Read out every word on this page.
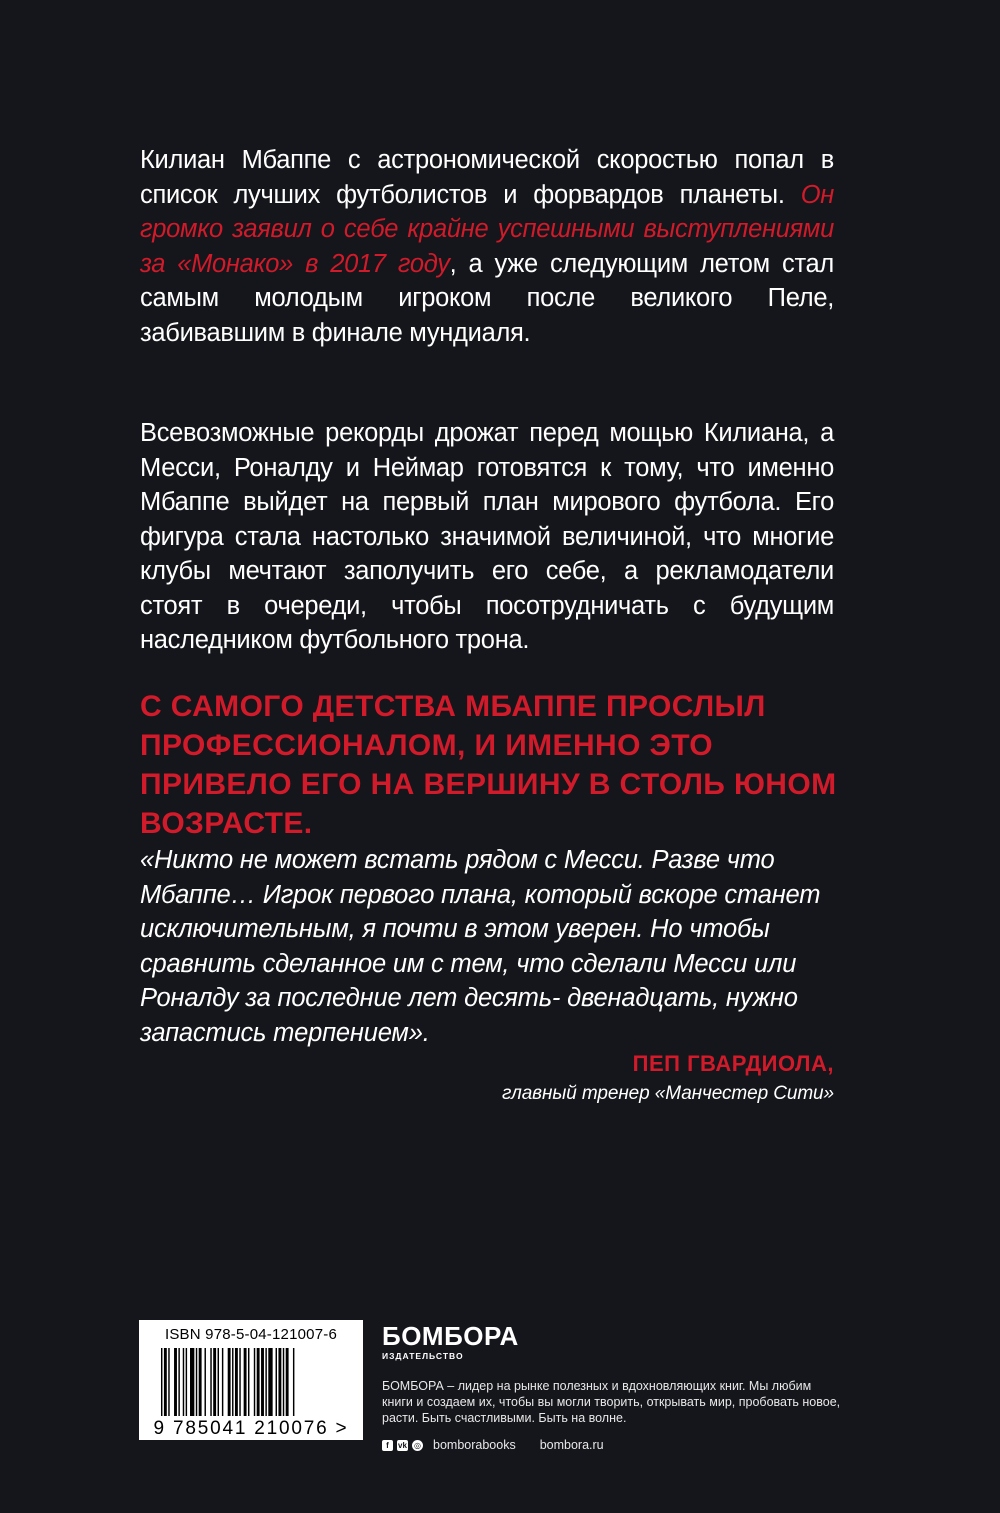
Килиан Мбаппе с астрономической скоростью попал в список лучших футболистов и форвардов планеты. Он громко заявил о себе крайне успешными выступлениями за «Монако» в 2017 году, а уже следующим летом стал самым молодым игроком после великого Пеле, забивавшим в финале мундиаля.
Всевозможные рекорды дрожат перед мощью Килиана, а Месси, Роналду и Неймар готовятся к тому, что именно Мбаппе выйдет на первый план мирового футбола. Его фигура стала настолько значимой величиной, что многие клубы мечтают заполучить его себе, а рекламодатели стоят в очереди, чтобы посотрудничать с будущим наследником футбольного трона.
С САМОГО ДЕТСТВА МБАППЕ ПРОСЛЫЛ ПРОФЕССИОНАЛОМ, И ИМЕННО ЭТО ПРИВЕЛО ЕГО НА ВЕРШИНУ В СТОЛЬ ЮНОМ ВОЗРАСТЕ.
«Никто не может встать рядом с Месси. Разве что Мбаппе… Игрок первого плана, который вскоре станет исключительным, я почти в этом уверен. Но чтобы сравнить сделанное им с тем, что сделали Месси или Роналду за последние лет десять- двенадцать, нужно запастись терпением».
ПЕП ГВАРДИОЛА,
главный тренер «Манчестер Сити»
ISBN 978-5-04-121007-6
9 785041 210076 >
БОМБОРА
ИЗДАТЕЛЬСТВО
БОМБОРА – лидер на рынке полезных и вдохновляющих книг. Мы любим книги и создаем их, чтобы вы могли творить, открывать мир, пробовать новое, расти. Быть счастливыми. Быть на волне.
f	vk ◎ bomborabooks bombora.ru
